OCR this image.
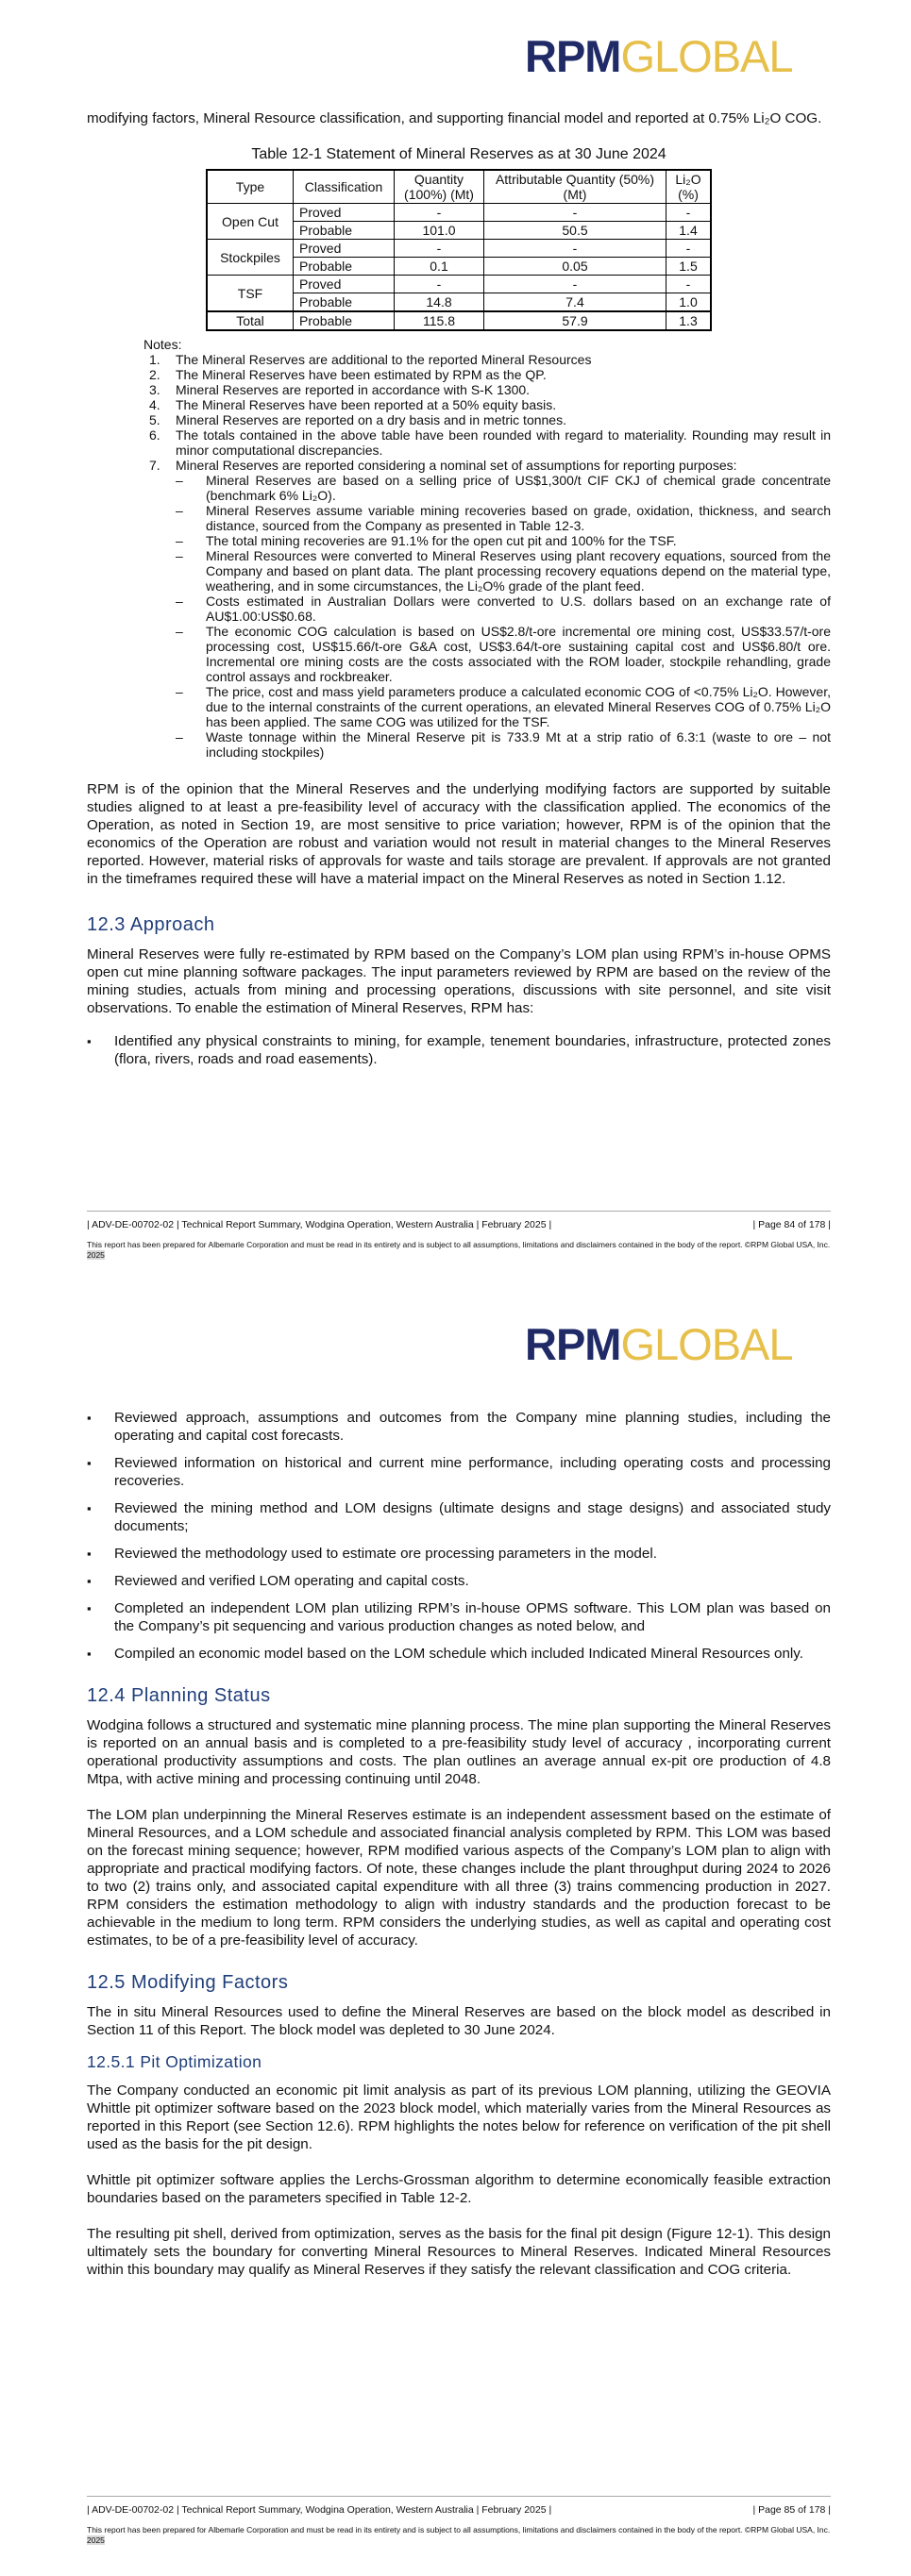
RPMGLOBAL

modifying factors, Mineral Resource classification, and supporting financial model and reported at 0.75% Li₂O COG.

Table 12-1 Statement of Mineral Reserves as at 30 June 2024

Type	Classification	Quantity (100%) (Mt)	Attributable Quantity (50%) (Mt)	Li₂O (%)
Open Cut	Proved	-	-	-
	Probable	101.0	50.5	1.4
Stockpiles	Proved	-	-	-
	Probable	0.1	0.05	1.5
TSF	Proved	-	-	-
	Probable	14.8	7.4	1.0
Total	Probable	115.8	57.9	1.3
Notes:
1. The Mineral Reserves are additional to the reported Mineral Resources
2. The Mineral Reserves have been estimated by RPM as the QP.
3. Mineral Reserves are reported in accordance with S-K 1300.
4. The Mineral Reserves have been reported at a 50% equity basis.
5. Mineral Reserves are reported on a dry basis and in metric tonnes.
6. The totals contained in the above table have been rounded with regard to materiality. Rounding may result in minor computational discrepancies.
7. Mineral Reserves are reported considering a nominal set of assumptions for reporting purposes:
– Mineral Reserves are based on a selling price of US$1,300/t CIF CKJ of chemical grade concentrate (benchmark 6% Li₂O).
– Mineral Reserves assume variable mining recoveries based on grade, oxidation, thickness, and search distance, sourced from the Company as presented in Table 12-3.
– The total mining recoveries are 91.1% for the open cut pit and 100% for the TSF.
– Mineral Resources were converted to Mineral Reserves using plant recovery equations, sourced from the Company and based on plant data. The plant processing recovery equations depend on the material type, weathering, and in some circumstances, the Li₂O% grade of the plant feed.
– Costs estimated in Australian Dollars were converted to U.S. dollars based on an exchange rate of AU$1.00:US$0.68.
– The economic COG calculation is based on US$2.8/t-ore incremental ore mining cost, US$33.57/t-ore processing cost, US$15.66/t-ore G&A cost, US$3.64/t-ore sustaining capital cost and US$6.80/t ore. Incremental ore mining costs are the costs associated with the ROM loader, stockpile rehandling, grade control assays and rockbreaker.
– The price, cost and mass yield parameters produce a calculated economic COG of <0.75% Li₂O. However, due to the internal constraints of the current operations, an elevated Mineral Reserves COG of 0.75% Li₂O has been applied. The same COG was utilized for the TSF.
– Waste tonnage within the Mineral Reserve pit is 733.9 Mt at a strip ratio of 6.3:1 (waste to ore – not including stockpiles)

RPM is of the opinion that the Mineral Reserves and the underlying modifying factors are supported by suitable studies aligned to at least a pre-feasibility level of accuracy with the classification applied. The economics of the Operation, as noted in Section 19, are most sensitive to price variation; however, RPM is of the opinion that the economics of the Operation are robust and variation would not result in material changes to the Mineral Reserves reported. However, material risks of approvals for waste and tails storage are prevalent. If approvals are not granted in the timeframes required these will have a material impact on the Mineral Reserves as noted in Section 1.12.

12.3 Approach

Mineral Reserves were fully re-estimated by RPM based on the Company’s LOM plan using RPM’s in-house OPMS open cut mine planning software packages. The input parameters reviewed by RPM are based on the review of the mining studies, actuals from mining and processing operations, discussions with site personnel, and site visit observations. To enable the estimation of Mineral Reserves, RPM has:

▪ Identified any physical constraints to mining, for example, tenement boundaries, infrastructure, protected zones (flora, rivers, roads and road easements).
| ADV-DE-00702-02 | Technical Report Summary, Wodgina Operation, Western Australia | February 2025 |	| Page 84 of 178 |
This report has been prepared for Albemarle Corporation and must be read in its entirety and is subject to all assumptions, limitations and disclaimers contained in the body of the report. ©RPM Global USA, Inc. 2025
RPMGLOBAL
▪ Reviewed approach, assumptions and outcomes from the Company mine planning studies, including the operating and capital cost forecasts.
▪ Reviewed information on historical and current mine performance, including operating costs and processing recoveries.
▪ Reviewed the mining method and LOM designs (ultimate designs and stage designs) and associated study documents;
▪ Reviewed the methodology used to estimate ore processing parameters in the model.
▪ Reviewed and verified LOM operating and capital costs.
▪ Completed an independent LOM plan utilizing RPM’s in-house OPMS software. This LOM plan was based on the Company’s pit sequencing and various production changes as noted below, and
▪ Compiled an economic model based on the LOM schedule which included Indicated Mineral Resources only.
12.4 Planning Status

Wodgina follows a structured and systematic mine planning process. The mine plan supporting the Mineral Reserves is reported on an annual basis and is completed to a pre-feasibility study level of accuracy , incorporating current operational productivity assumptions and costs. The plan outlines an average annual ex-pit ore production of 4.8 Mtpa, with active mining and processing continuing until 2048.

The LOM plan underpinning the Mineral Reserves estimate is an independent assessment based on the estimate of Mineral Resources, and a LOM schedule and associated financial analysis completed by RPM. This LOM was based on the forecast mining sequence; however, RPM modified various aspects of the Company’s LOM plan to align with appropriate and practical modifying factors. Of note, these changes include the plant throughput during 2024 to 2026 to two (2) trains only, and associated capital expenditure with all three (3) trains commencing production in 2027. RPM considers the estimation methodology to align with industry standards and the production forecast to be achievable in the medium to long term. RPM considers the underlying studies, as well as capital and operating cost estimates, to be of a pre-feasibility level of accuracy.

12.5 Modifying Factors

The in situ Mineral Resources used to define the Mineral Reserves are based on the block model as described in Section 11 of this Report. The block model was depleted to 30 June 2024.

12.5.1 Pit Optimization

The Company conducted an economic pit limit analysis as part of its previous LOM planning, utilizing the GEOVIA Whittle pit optimizer software based on the 2023 block model, which materially varies from the Mineral Resources as reported in this Report (see Section 12.6). RPM highlights the notes below for reference on verification of the pit shell used as the basis for the pit design.

Whittle pit optimizer software applies the Lerchs-Grossman algorithm to determine economically feasible extraction boundaries based on the parameters specified in Table 12-2.

The resulting pit shell, derived from optimization, serves as the basis for the final pit design (Figure 12-1). This design ultimately sets the boundary for converting Mineral Resources to Mineral Reserves. Indicated Mineral Resources within this boundary may qualify as Mineral Reserves if they satisfy the relevant classification and COG criteria.

| ADV-DE-00702-02 | Technical Report Summary, Wodgina Operation, Western Australia | February 2025 |	| Page 85 of 178 |
This report has been prepared for Albemarle Corporation and must be read in its entirety and is subject to all assumptions, limitations and disclaimers contained in the body of the report. ©RPM Global USA, Inc. 2025
